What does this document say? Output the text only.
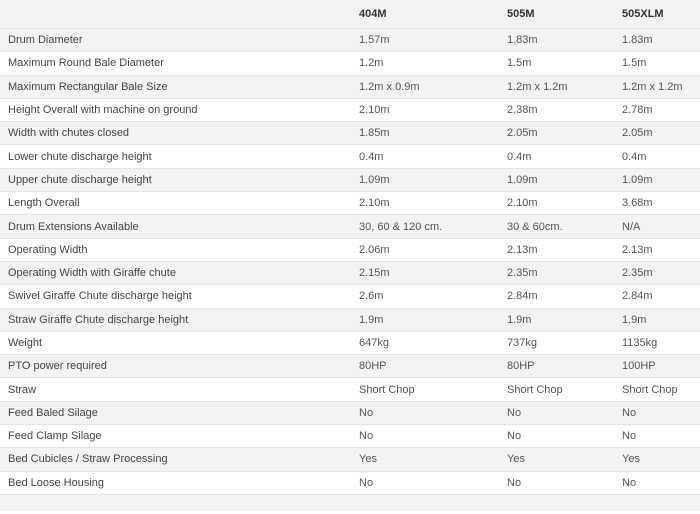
	404M	505M	505XLM
Drum Diameter	1.57m	1.83m	1.83m
Maximum Round Bale Diameter	1.2m	1.5m	1.5m
Maximum Rectangular Bale Size	1.2m x 0.9m	1.2m x 1.2m	1.2m x 1.2m
Height Overall with machine on ground	2.10m	2.38m	2.78m
Width with chutes closed	1.85m	2.05m	2.05m
Lower chute discharge height	0.4m	0.4m	0.4m
Upper chute discharge height	1.09m	1.09m	1.09m
Length Overall	2.10m	2.10m	3.68m
Drum Extensions Available	30, 60 & 120 cm.	30 & 60cm.	N/A
Operating Width	2.06m	2.13m	2.13m
Operating Width with Giraffe chute	2.15m	2.35m	2.35m
Swivel Giraffe Chute discharge height	2.6m	2.84m	2.84m
Straw Giraffe Chute discharge height	1.9m	1.9m	1.9m
Weight	647kg	737kg	1135kg
PTO power required	80HP	80HP	100HP
Straw	Short Chop	Short Chop	Short Chop
Feed Baled Silage	No	No	No
Feed Clamp Silage	No	No	No
Bed Cubicles / Straw Processing	Yes	Yes	Yes
Bed Loose Housing	No	No	No
